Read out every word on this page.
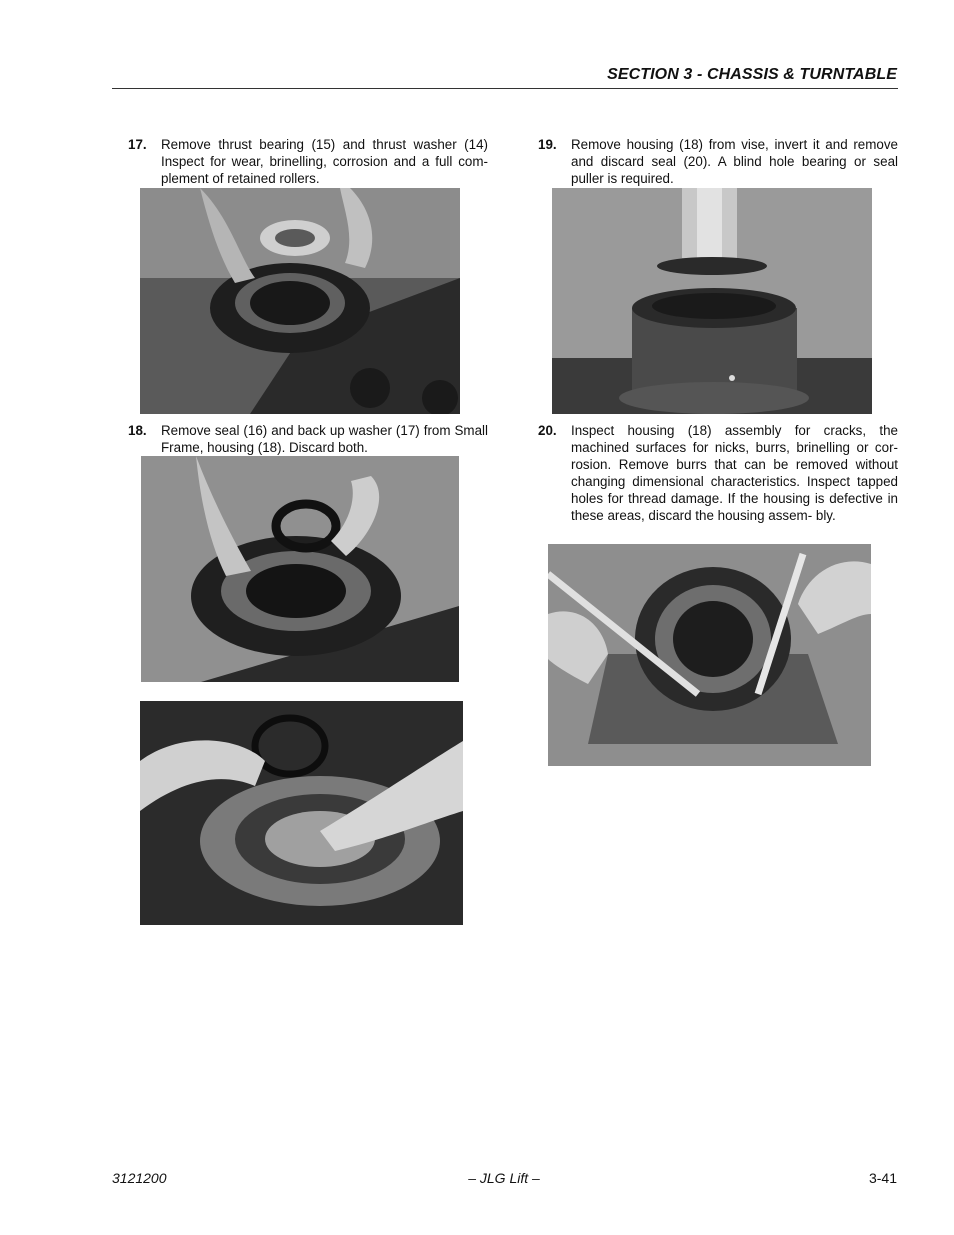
SECTION 3 - CHASSIS & TURNTABLE
17. Remove thrust bearing (15) and thrust washer (14) Inspect for wear, brinelling, corrosion and a full com- plement of retained rollers.
18. Remove seal (16) and back up washer (17) from Small Frame, housing (18). Discard both.
19. Remove housing (18) from vise, invert it and remove and discard seal (20). A blind hole bearing or seal puller is required.
20. Inspect housing (18) assembly for cracks, the machined surfaces for nicks, burrs, brinelling or cor- rosion. Remove burrs that can be removed without changing dimensional characteristics. Inspect tapped holes for thread damage. If the housing is defective in these areas, discard the housing assem- bly.
3121200	– JLG Lift –	3-41
